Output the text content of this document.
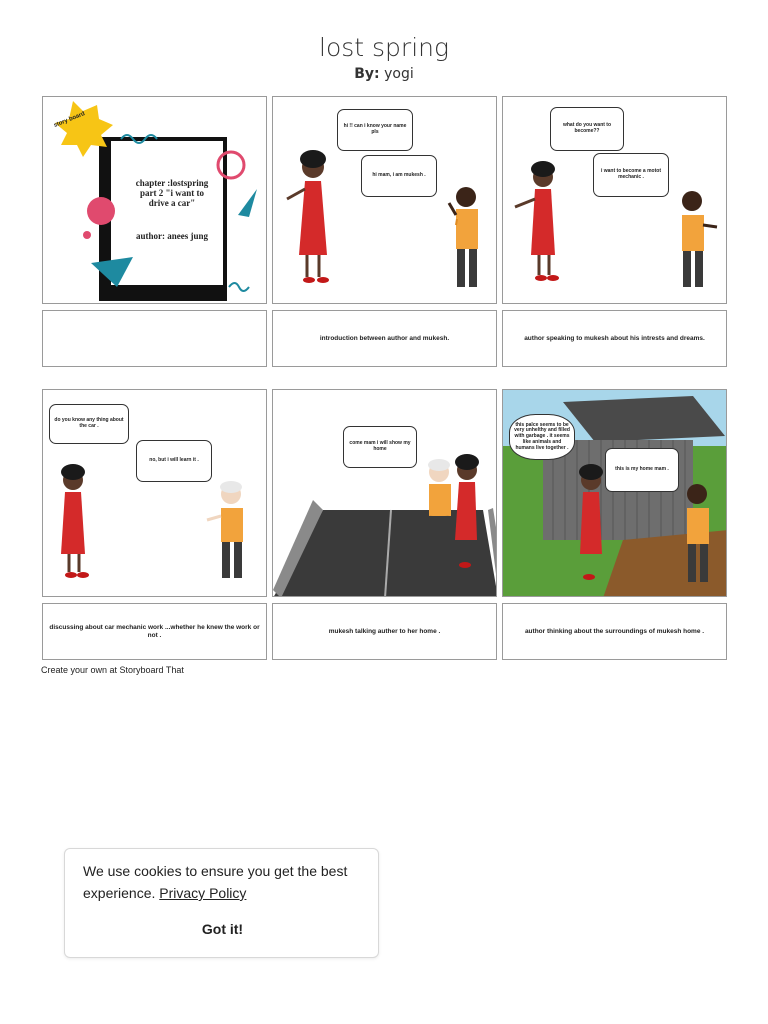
lost spring
By: yogi
story board
chapter :lostspring part 2 "i want to drive a car"
author: anees jung
hi !! can i know your name pls
hi mam, i am mukesh .
what do you want to become??
i want to become a motot mechanic .
introduction between author and mukesh.	author speaking to mukesh about his intrests and dreams.
do you know any thing about the car .
no, but i will learn it .
come mam i will show my home
this palce seems to be very unhelthy and filled with garbage . it seems like animals and humans live together .
this is my home mam .
discussing about car mechanic work ...whether he knew the work or not .
mukesh talking auther to her home .	author thinking about the surroundings of mukesh home .
Create your own at Storyboard That
We use cookies to ensure you get the best experience. Privacy Policy
Got it!
